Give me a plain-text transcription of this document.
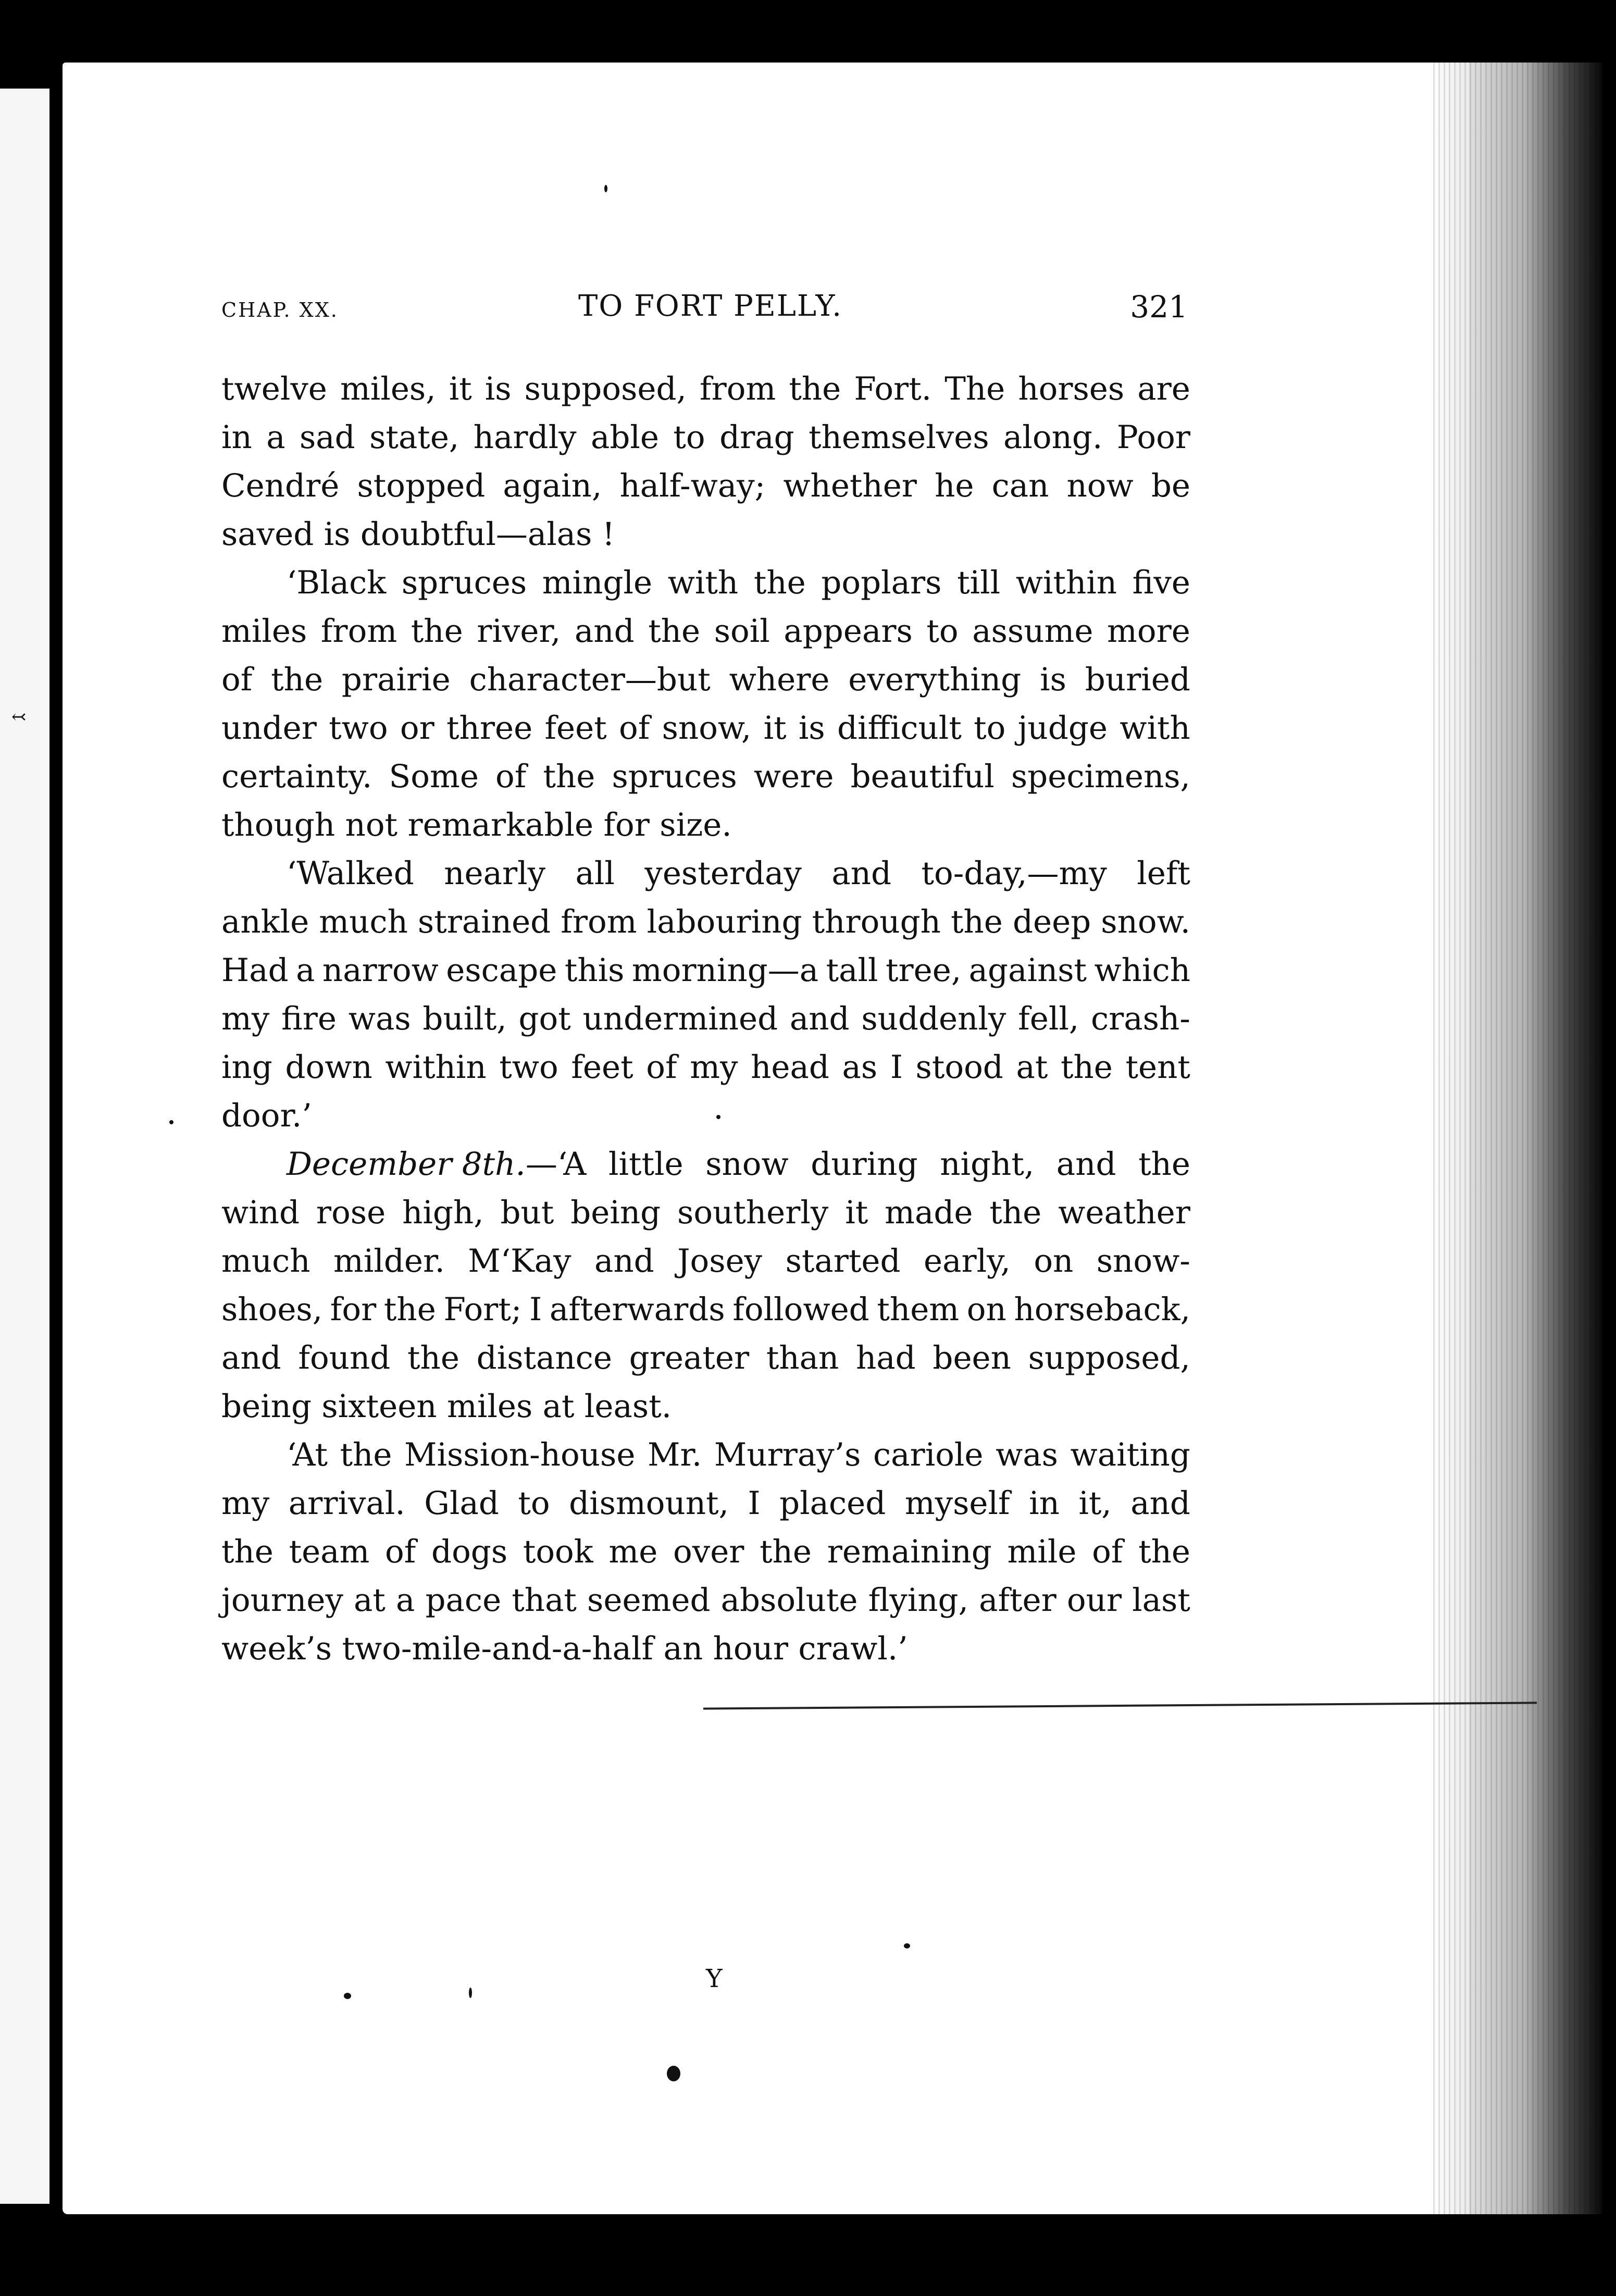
↢
CHAP. XX.	TO FORT PELLY.	321
twelve miles, it is supposed, from the Fort. The horses are
in a sad state, hardly able to drag themselves along. Poor
Cendré stopped again, half-way; whether he can now be
saved is doubtful—alas !
‘Black spruces mingle with the poplars till within five
miles from the river, and the soil appears to assume more
of the prairie character—but where everything is buried
under two or three feet of snow, it is difficult to judge with
certainty. Some of the spruces were beautiful specimens,
though not remarkable for size.
‘Walked nearly all yesterday and to-day,—my left
ankle much strained from labouring through the deep snow.
Had a narrow escape this morning—a tall tree, against which
my fire was built, got undermined and suddenly fell, crash-
ing down within two feet of my head as I stood at the tent
door.’
December 8th. —‘A little snow during night, and the
wind rose high, but being southerly it made the weather
much milder. M‘Kay and Josey started early, on snow-
shoes, for the Fort; I afterwards followed them on horseback,
and found the distance greater than had been supposed,
being sixteen miles at least.
‘At the Mission-house Mr. Murray’s cariole was waiting
my arrival. Glad to dismount, I placed myself in it, and
the team of dogs took me over the remaining mile of the
journey at a pace that seemed absolute flying, after our last
week’s two-mile-and-a-half an hour crawl.’
Y
